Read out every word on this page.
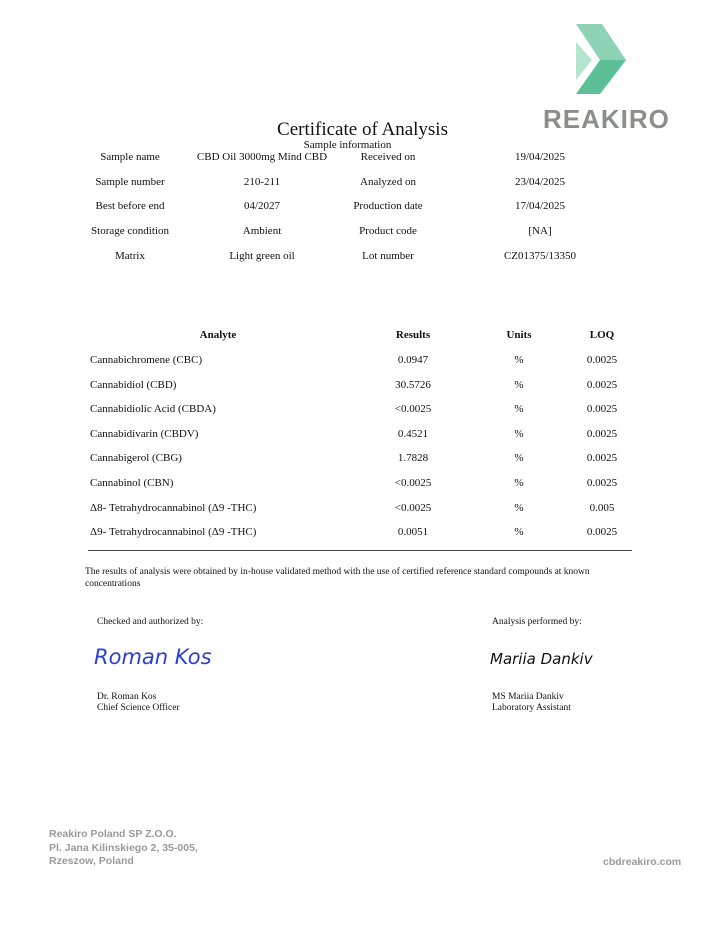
REAKIRO
Certificate of Analysis
Sample information
Sample name	CBD Oil 3000mg Mind CBD	Received on	19/04/2025
Sample number	210-211	Analyzed on	23/04/2025
Best before end	04/2027	Production date	17/04/2025
Storage condition	Ambient	Product code	[NA]
Matrix	Light green oil	Lot number	CZ01375/13350
Analyte	Results	Units	LOQ
Cannabichromene (CBC)	0.0947	%	0.0025
Cannabidiol (CBD)	30.5726	%	0.0025
Cannabidiolic Acid (CBDA)	<0.0025	%	0.0025
Cannabidivarin (CBDV)	0.4521	%	0.0025
Cannabigerol (CBG)	1.7828	%	0.0025
Cannabinol (CBN)	<0.0025	%	0.0025
Δ8- Tetrahydrocannabinol (Δ9 -THC)	<0.0025	%	0.005
Δ9- Tetrahydrocannabinol (Δ9 -THC)	0.0051	%	0.0025
The results of analysis were obtained by in-house validated method with the use of certified reference standard compounds at known concentrations
Checked and authorized by:	Analysis performed by:
Roman Kos	Mariia Dankiv
Dr. Roman Kos
Chief Science Officer
MS Mariia Dankiv
Laboratory Assistant
Reakiro Poland SP Z.O.O.
Pl. Jana Kilinskiego 2, 35-005,
Rzeszow, Poland	cbdreakiro.com
